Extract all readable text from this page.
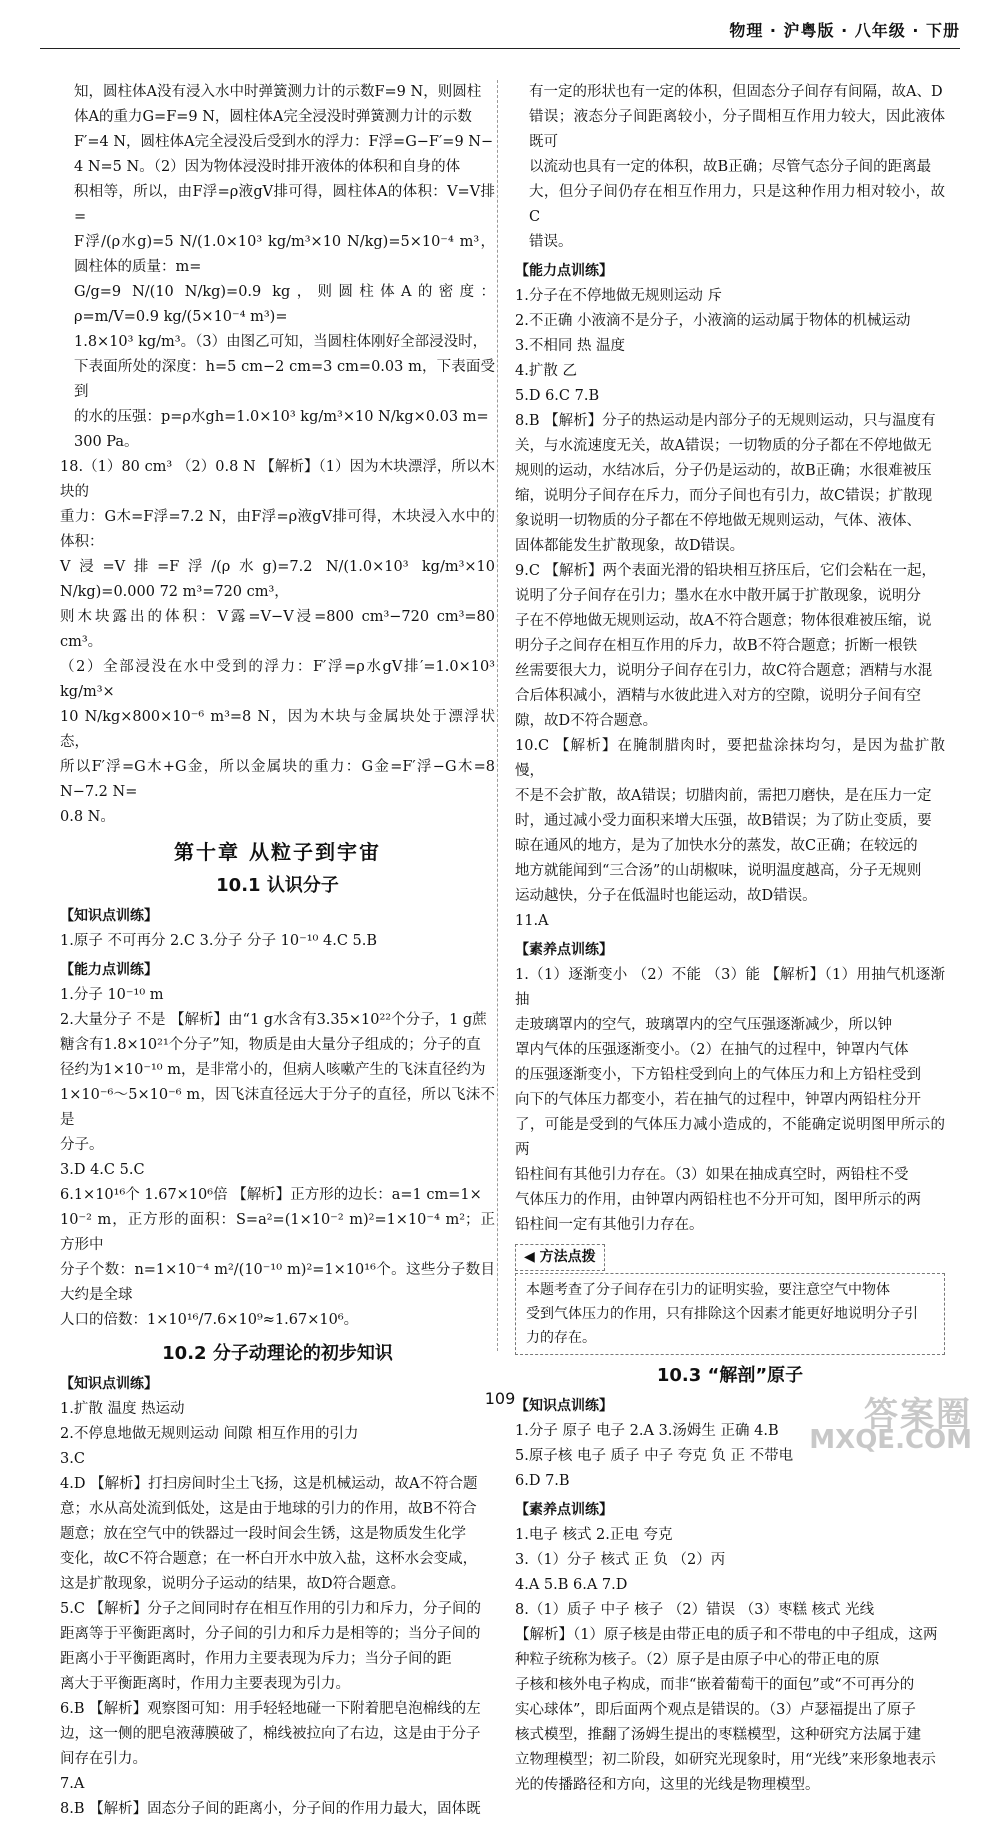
物理 · 沪粤版 · 八年级 · 下册
知，圆柱体A没有浸入水中时弹簧测力计的示数F=9 N，则圆柱
体A的重力G=F=9 N，圆柱体A完全浸没时弹簧测力计的示数
F′=4 N，圆柱体A完全浸没后受到水的浮力：F浮=G−F′=9 N−
4 N=5 N。（2）因为物体浸没时排开液体的体积和自身的体
积相等，所以，由F浮=ρ液gV排可得，圆柱体A的体积：V=V排=
F浮/(ρ水g)=5 N/(1.0×10³ kg/m³×10 N/kg)=5×10⁻⁴ m³，圆柱体的质量：m=
G/g=9 N/(10 N/kg)=0.9 kg，则圆柱体A的密度：ρ=m/V=0.9 kg/(5×10⁻⁴ m³)=
1.8×10³ kg/m³。（3）由图乙可知，当圆柱体刚好全部浸没时，
下表面所处的深度：h=5 cm−2 cm=3 cm=0.03 m，下表面受到
的水的压强：p=ρ水gh=1.0×10³ kg/m³×10 N/kg×0.03 m=
300 Pa。
18.（1）80 cm³ （2）0.8 N 【解析】（1）因为木块漂浮，所以木块的
重力：G木=F浮=7.2 N，由F浮=ρ液gV排可得，木块浸入水中的体积：
V浸=V排=F浮/(ρ水g)=7.2 N/(1.0×10³ kg/m³×10 N/kg)=0.000 72 m³=720 cm³，
则木块露出的体积：V露=V−V浸=800 cm³−720 cm³=80 cm³。
（2）全部浸没在水中受到的浮力：F′浮=ρ水gV排′=1.0×10³ kg/m³×
10 N/kg×800×10⁻⁶ m³=8 N，因为木块与金属块处于漂浮状态，
所以F′浮=G木+G金，所以金属块的重力：G金=F′浮−G木=8 N−7.2 N=
0.8 N。
第十章 从粒子到宇宙
10.1 认识分子
【知识点训练】
1.原子 不可再分 2.C 3.分子 分子 10⁻¹⁰ 4.C 5.B
【能力点训练】
1.分子 10⁻¹⁰ m
2.大量分子 不是 【解析】由“1 g水含有3.35×10²²个分子，1 g蔗
糖含有1.8×10²¹个分子”知，物质是由大量分子组成的；分子的直
径约为1×10⁻¹⁰ m，是非常小的，但病人咳嗽产生的飞沫直径约为
1×10⁻⁶～5×10⁻⁶ m，因飞沫直径远大于分子的直径，所以飞沫不是
分子。
3.D 4.C 5.C
6.1×10¹⁶个 1.67×10⁶倍 【解析】正方形的边长：a=1 cm=1×
10⁻² m，正方形的面积：S=a²=(1×10⁻² m)²=1×10⁻⁴ m²；正方形中
分子个数：n=1×10⁻⁴ m²/(10⁻¹⁰ m)²=1×10¹⁶个。这些分子数目大约是全球
人口的倍数：1×10¹⁶/7.6×10⁹≈1.67×10⁶。
10.2 分子动理论的初步知识
【知识点训练】
1.扩散 温度 热运动
2.不停息地做无规则运动 间隙 相互作用的引力
3.C
4.D 【解析】打扫房间时尘土飞扬，这是机械运动，故A不符合题
意；水从高处流到低处，这是由于地球的引力的作用，故B不符合
题意；放在空气中的铁器过一段时间会生锈，这是物质发生化学
变化，故C不符合题意；在一杯白开水中放入盐，这杯水会变咸，
这是扩散现象，说明分子运动的结果，故D符合题意。
5.C 【解析】分子之间同时存在相互作用的引力和斥力，分子间的
距离等于平衡距离时，分子间的引力和斥力是相等的；当分子间的
距离小于平衡距离时，作用力主要表现为斥力；当分子间的距
离大于平衡距离时，作用力主要表现为引力。
6.B 【解析】观察图可知：用手轻轻地碰一下附着肥皂泡棉线的左
边，这一侧的肥皂液薄膜破了，棉线被拉向了右边，这是由于分子
间存在引力。
7.A
8.B 【解析】固态分子间的距离小，分子间的作用力最大，固体既
有一定的形状也有一定的体积，但固态分子间存有间隔，故A、D
错误；液态分子间距离较小，分子間相互作用力较大，因此液体既可
以流动也具有一定的体积，故B正确；尽管气态分子间的距离最
大，但分子间仍存在相互作用力，只是这种作用力相对较小，故C
错误。
【能力点训练】
1.分子在不停地做无规则运动 斥
2.不正确 小液滴不是分子，小液滴的运动属于物体的机械运动
3.不相同 热 温度
4.扩散 乙
5.D 6.C 7.B
8.B 【解析】分子的热运动是内部分子的无规则运动，只与温度有
关，与水流速度无关，故A错误；一切物质的分子都在不停地做无
规则的运动，水结冰后，分子仍是运动的，故B正确；水很难被压
缩，说明分子间存在斥力，而分子间也有引力，故C错误；扩散现
象说明一切物质的分子都在不停地做无规则运动，气体、液体、
固体都能发生扩散现象，故D错误。
9.C 【解析】两个表面光滑的铅块相互挤压后，它们会粘在一起，
说明了分子间存在引力；墨水在水中散开属于扩散现象，说明分
子在不停地做无规则运动，故A不符合题意；物体很难被压缩，说
明分子之间存在相互作用的斥力，故B不符合题意；折断一根铁
丝需要很大力，说明分子间存在引力，故C符合题意；酒精与水混
合后体积减小，酒精与水彼此进入对方的空隙，说明分子间有空
隙，故D不符合题意。
10.C 【解析】在腌制腊肉时，要把盐涂抹均匀，是因为盐扩散慢，
不是不会扩散，故A错误；切腊肉前，需把刀磨快，是在压力一定
时，通过减小受力面积来增大压强，故B错误；为了防止变质，要
晾在通风的地方，是为了加快水分的蒸发，故C正确；在较远的
地方就能闻到“三合汤”的山胡椒味，说明温度越高，分子无规则
运动越快，分子在低温时也能运动，故D错误。
11.A
【素养点训练】
1.（1）逐渐变小 （2）不能 （3）能 【解析】（1）用抽气机逐渐抽
走玻璃罩内的空气，玻璃罩内的空气压强逐渐减少，所以钟
罩内气体的压强逐渐变小。（2）在抽气的过程中，钟罩内气体
的压强逐渐变小，下方铅柱受到向上的气体压力和上方铅柱受到
向下的气体压力都变小，若在抽气的过程中，钟罩内两铅柱分开
了，可能是受到的气体压力减小造成的，不能确定说明图甲所示的两
铅柱间有其他引力存在。（3）如果在抽成真空时，两铅柱不受
气体压力的作用，由钟罩内两铅柱也不分开可知，图甲所示的两
铅柱间一定有其他引力存在。
◀ 方法点拨
本题考查了分子间存在引力的证明实验，要注意空气中物体
受到气体压力的作用，只有排除这个因素才能更好地说明分子引
力的存在。
10.3 “解剖”原子
【知识点训练】
1.分子 原子 电子 2.A 3.汤姆生 正确 4.B
5.原子核 电子 质子 中子 夸克 负 正 不带电
6.D 7.B
【素养点训练】
1.电子 核式 2.正电 夸克
3.（1）分子 核式 正 负 （2）丙
4.A 5.B 6.A 7.D
8.（1）质子 中子 核子 （2）错误 （3）枣糕 核式 光线
【解析】（1）原子核是由带正电的质子和不带电的中子组成，这两
种粒子统称为核子。（2）原子是由原子中心的带正电的原
子核和核外电子构成，而非“嵌着葡萄干的面包”或“不可再分的
实心球体”，即后面两个观点是错误的。（3）卢瑟福提出了原子
核式模型，推翻了汤姆生提出的枣糕模型，这种研究方法属于建
立物理模型；初二阶段，如研究光现象时，用“光线”来形象地表示
光的传播路径和方向，这里的光线是物理模型。
109	答案圈
MXQE.COM
